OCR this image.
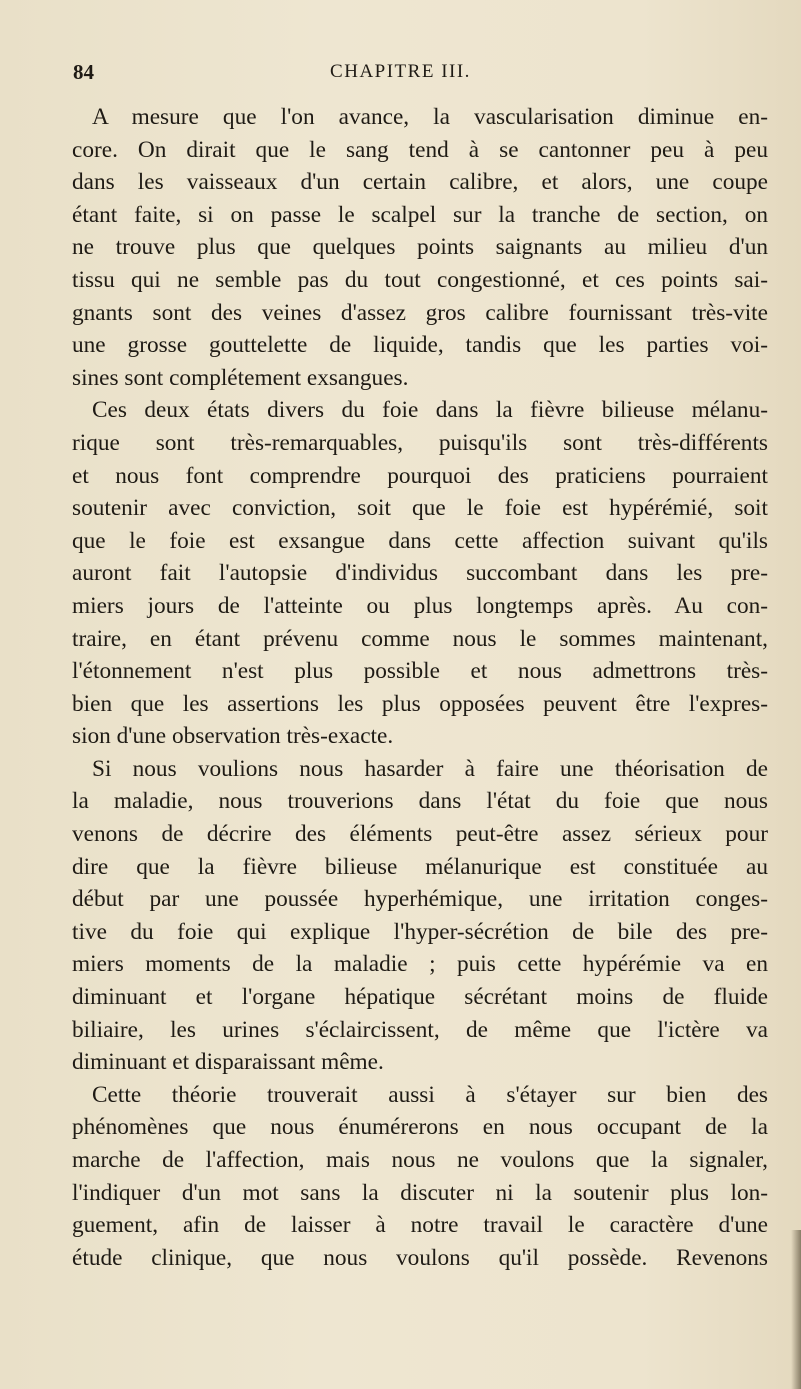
84	CHAPITRE III.
A mesure que l'on avance, la vascularisation diminue en-
core. On dirait que le sang tend à se cantonner peu à peu
dans les vaisseaux d'un certain calibre, et alors, une coupe
étant faite, si on passe le scalpel sur la tranche de section, on
ne trouve plus que quelques points saignants au milieu d'un
tissu qui ne semble pas du tout congestionné, et ces points sai-
gnants sont des veines d'assez gros calibre fournissant très-vite
une grosse gouttelette de liquide, tandis que les parties voi-
sines sont complétement exsangues.
Ces deux états divers du foie dans la fièvre bilieuse mélanu-
rique sont très-remarquables, puisqu'ils sont très-différents
et nous font comprendre pourquoi des praticiens pourraient
soutenir avec conviction, soit que le foie est hypérémié, soit
que le foie est exsangue dans cette affection suivant qu'ils
auront fait l'autopsie d'individus succombant dans les pre-
miers jours de l'atteinte ou plus longtemps après. Au con-
traire, en étant prévenu comme nous le sommes maintenant,
l'étonnement n'est plus possible et nous admettrons très-
bien que les assertions les plus opposées peuvent être l'expres-
sion d'une observation très-exacte.
Si nous voulions nous hasarder à faire une théorisation de
la maladie, nous trouverions dans l'état du foie que nous
venons de décrire des éléments peut-être assez sérieux pour
dire que la fièvre bilieuse mélanurique est constituée au
début par une poussée hyperhémique, une irritation conges-
tive du foie qui explique l'hyper-sécrétion de bile des pre-
miers moments de la maladie ; puis cette hypérémie va en
diminuant et l'organe hépatique sécrétant moins de fluide
biliaire, les urines s'éclaircissent, de même que l'ictère va
diminuant et disparaissant même.
Cette théorie trouverait aussi à s'étayer sur bien des
phénomènes que nous énumérerons en nous occupant de la
marche de l'affection, mais nous ne voulons que la signaler,
l'indiquer d'un mot sans la discuter ni la soutenir plus lon-
guement, afin de laisser à notre travail le caractère d'une
étude clinique, que nous voulons qu'il possède. Revenons
